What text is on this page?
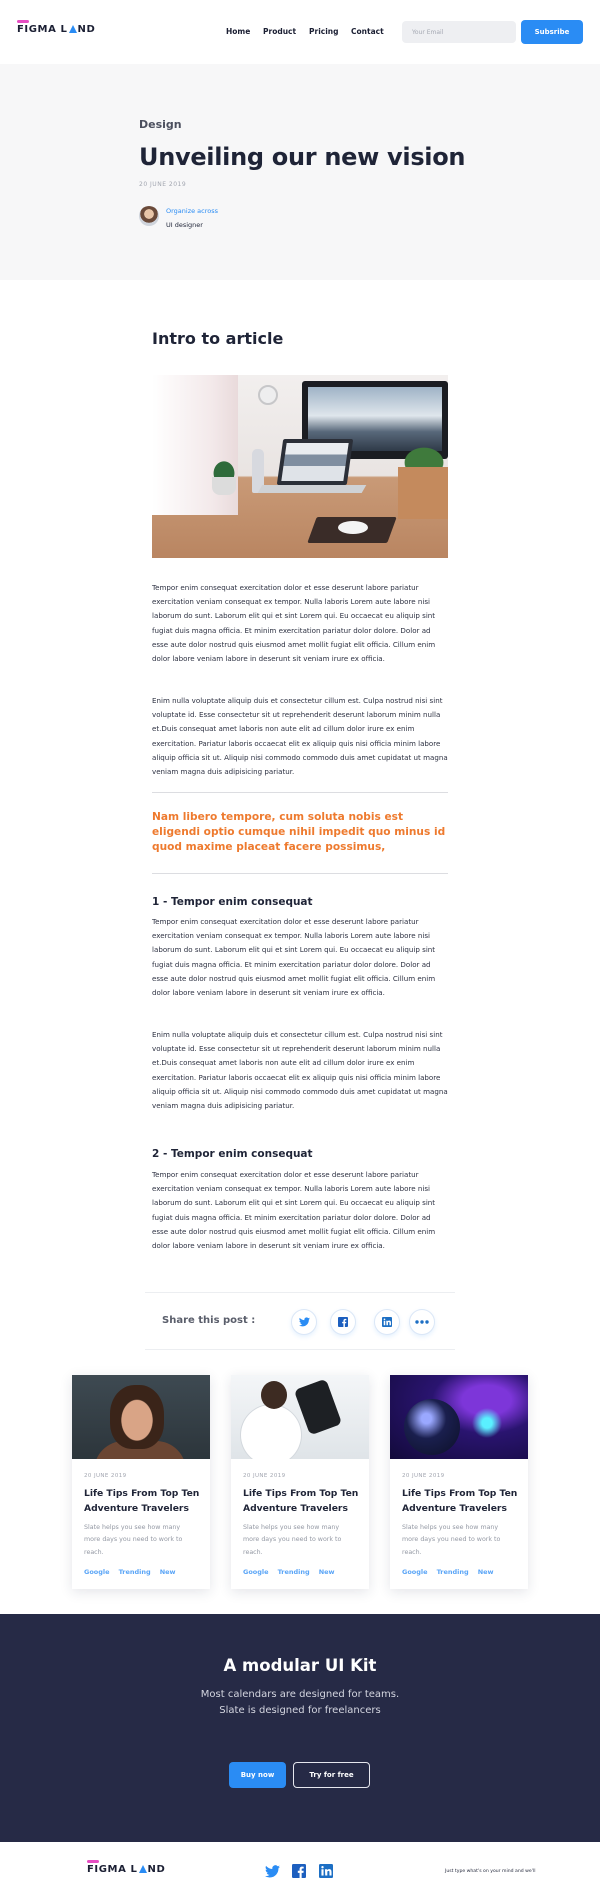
FIGMA L ND	Home Product Pricing Contact
Your Email	Subsribe
Design
Unveiling our new vision
20 JUNE 2019
Organize across
UI designer
Intro to article

Tempor enim consequat exercitation dolor et esse deserunt labore pariatur exercitation veniam consequat ex tempor. Nulla laboris Lorem aute labore nisi laborum do sunt. Laborum elit qui et sint Lorem qui. Eu occaecat eu aliquip sint fugiat duis magna officia. Et minim exercitation pariatur dolor dolore. Dolor ad esse aute dolor nostrud quis eiusmod amet mollit fugiat elit officia. Cillum enim dolor labore veniam labore in deserunt sit veniam irure ex officia.

Enim nulla voluptate aliquip duis et consectetur cillum est. Culpa nostrud nisi sint voluptate id. Esse consectetur sit ut reprehenderit deserunt laborum minim nulla et.Duis consequat amet laboris non aute elit ad cillum dolor irure ex enim exercitation. Pariatur laboris occaecat elit ex aliquip quis nisi officia minim labore aliquip officia sit ut. Aliquip nisi commodo commodo duis amet cupidatat ut magna veniam magna duis adipisicing pariatur.

Nam libero tempore, cum soluta nobis est eligendi optio cumque nihil impedit quo minus id quod maxime placeat facere possimus,
1 - Tempor enim consequat

Tempor enim consequat exercitation dolor et esse deserunt labore pariatur exercitation veniam consequat ex tempor. Nulla laboris Lorem aute labore nisi laborum do sunt. Laborum elit qui et sint Lorem qui. Eu occaecat eu aliquip sint fugiat duis magna officia. Et minim exercitation pariatur dolor dolore. Dolor ad esse aute dolor nostrud quis eiusmod amet mollit fugiat elit officia. Cillum enim dolor labore veniam labore in deserunt sit veniam irure ex officia.

Enim nulla voluptate aliquip duis et consectetur cillum est. Culpa nostrud nisi sint voluptate id. Esse consectetur sit ut reprehenderit deserunt laborum minim nulla et.Duis consequat amet laboris non aute elit ad cillum dolor irure ex enim exercitation. Pariatur laboris occaecat elit ex aliquip quis nisi officia minim labore aliquip officia sit ut. Aliquip nisi commodo commodo duis amet cupidatat ut magna veniam magna duis adipisicing pariatur.

2 - Tempor enim consequat

Tempor enim consequat exercitation dolor et esse deserunt labore pariatur exercitation veniam consequat ex tempor. Nulla laboris Lorem aute labore nisi laborum do sunt. Laborum elit qui et sint Lorem qui. Eu occaecat eu aliquip sint fugiat duis magna officia. Et minim exercitation pariatur dolor dolore. Dolor ad esse aute dolor nostrud quis eiusmod amet mollit fugiat elit officia. Cillum enim dolor labore veniam labore in deserunt sit veniam irure ex officia.

Share this post :
20 JUNE 2019
Life Tips From Top Ten Adventure Travelers
Slate helps you see how many more days you need to work to reach.
Google Trending New
20 JUNE 2019
Life Tips From Top Ten Adventure Travelers
Slate helps you see how many more days you need to work to reach.
Google Trending New
20 JUNE 2019
Life Tips From Top Ten Adventure Travelers
Slate helps you see how many more days you need to work to reach.
Google Trending New
A modular UI Kit
Most calendars are designed for teams.
Slate is designed for freelancers
Buy now	Try for free
FIGMA L ND	Just type what's on your mind and we'll
